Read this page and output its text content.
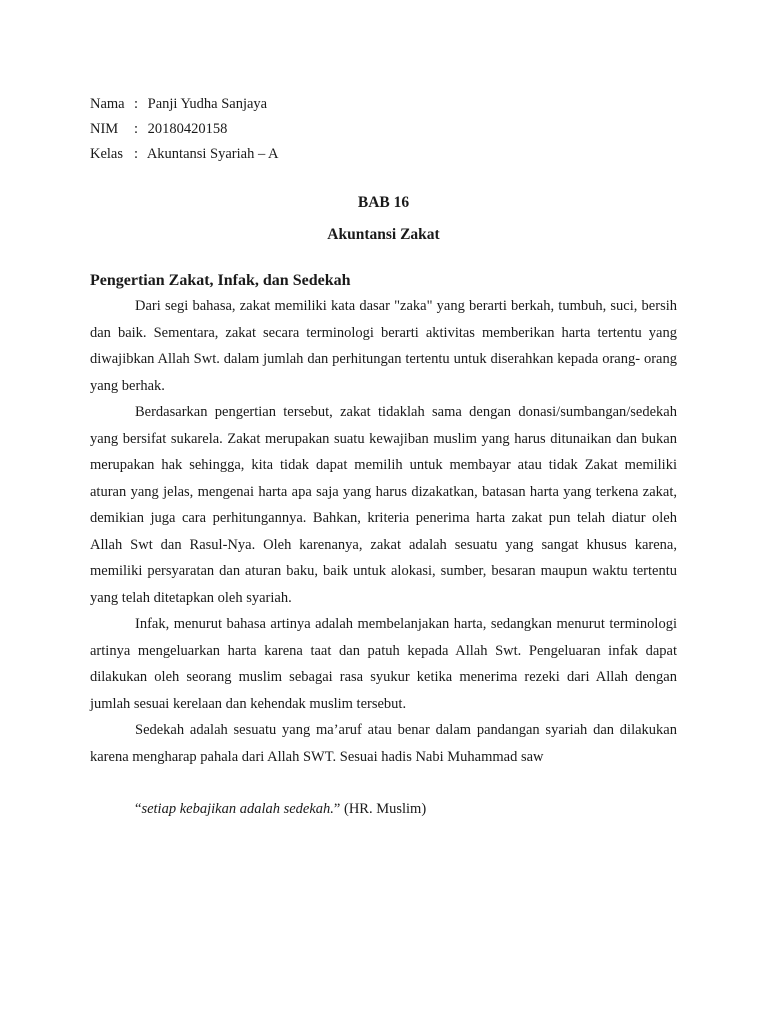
Nama : Panji Yudha Sanjaya
NIM : 20180420158
Kelas : Akuntansi Syariah – A
BAB 16
Akuntansi Zakat
Pengertian Zakat, Infak, dan Sedekah

Dari segi bahasa, zakat memiliki kata dasar "zaka" yang berarti berkah, tumbuh, suci, bersih dan baik. Sementara, zakat secara terminologi berarti aktivitas memberikan harta tertentu yang diwajibkan Allah Swt. dalam jumlah dan perhitungan tertentu untuk diserahkan kepada orang- orang yang berhak.

Berdasarkan pengertian tersebut, zakat tidaklah sama dengan donasi/sumbangan/sedekah yang bersifat sukarela. Zakat merupakan suatu kewajiban muslim yang harus ditunaikan dan bukan merupakan hak sehingga, kita tidak dapat memilih untuk membayar atau tidak Zakat memiliki aturan yang jelas, mengenai harta apa saja yang harus dizakatkan, batasan harta yang terkena zakat, demikian juga cara perhitungannya. Bahkan, kriteria penerima harta zakat pun telah diatur oleh Allah Swt dan Rasul-Nya. Oleh karenanya, zakat adalah sesuatu yang sangat khusus karena, memiliki persyaratan dan aturan baku, baik untuk alokasi, sumber, besaran maupun waktu tertentu yang telah ditetapkan oleh syariah.

Infak, menurut bahasa artinya adalah membelanjakan harta, sedangkan menurut terminologi artinya mengeluarkan harta karena taat dan patuh kepada Allah Swt. Pengeluaran infak dapat dilakukan oleh seorang muslim sebagai rasa syukur ketika menerima rezeki dari Allah dengan jumlah sesuai kerelaan dan kehendak muslim tersebut.

Sedekah adalah sesuatu yang ma’aruf atau benar dalam pandangan syariah dan dilakukan karena mengharap pahala dari Allah SWT. Sesuai hadis Nabi Muhammad saw

“setiap kebajikan adalah sedekah.” (HR. Muslim)
